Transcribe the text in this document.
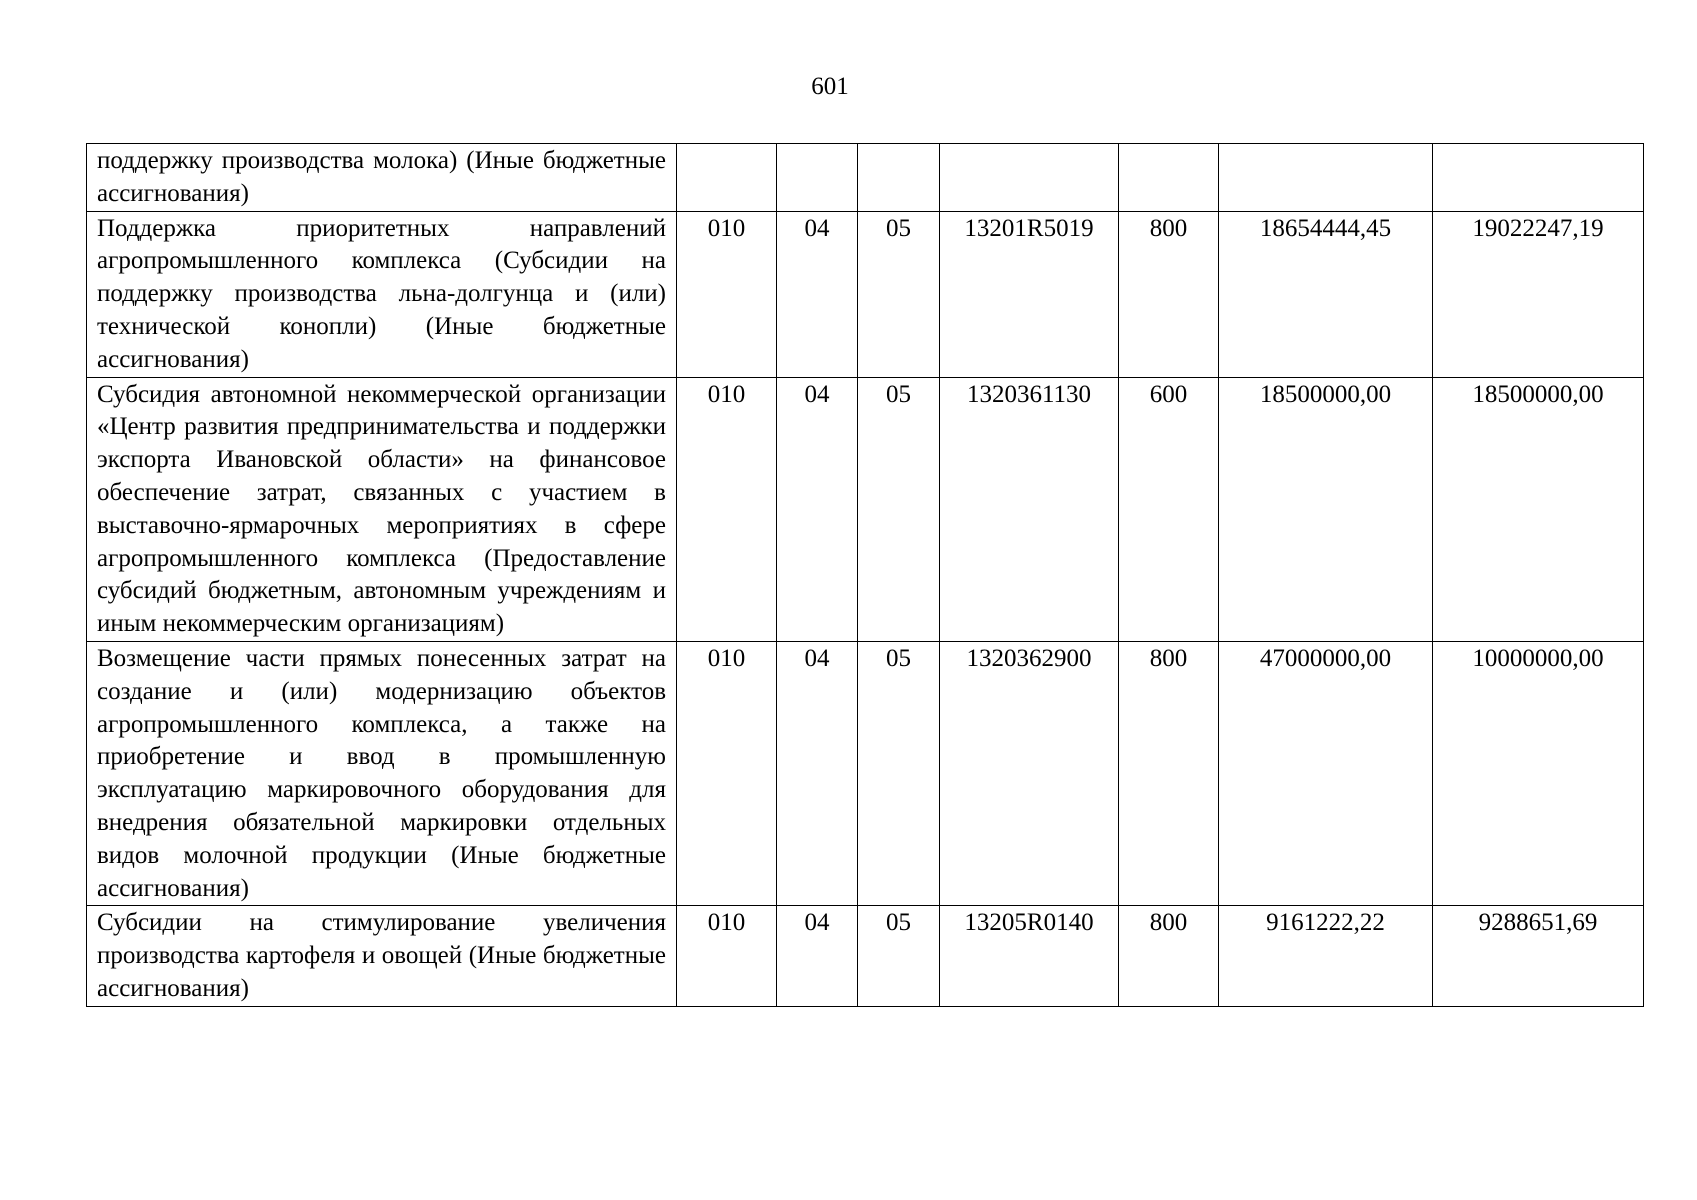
601
поддержку производства молока) (Иные бюджетные ассигнования)							
Поддержка приоритетных направлений агропромышленного комплекса (Субсидии на поддержку производства льна-долгунца и (или) технической конопли) (Иные бюджетные ассигнования)	010	04	05	13201R5019	800	18654444,45	19022247,19
Субсидия автономной некоммерческой организации «Центр развития предпринимательства и поддержки экспорта Ивановской области» на финансовое обеспечение затрат, связанных с участием в выставочно-ярмарочных мероприятиях в сфере агропромышленного комплекса (Предоставление субсидий бюджетным, автономным учреждениям и иным некоммерческим организациям)	010	04	05	1320361130	600	18500000,00	18500000,00
Возмещение части прямых понесенных затрат на создание и (или) модернизацию объектов агропромышленного комплекса, а также на приобретение и ввод в промышленную эксплуатацию маркировочного оборудования для внедрения обязательной маркировки отдельных видов молочной продукции (Иные бюджетные ассигнования)	010	04	05	1320362900	800	47000000,00	10000000,00
Субсидии на стимулирование увеличения производства картофеля и овощей (Иные бюджетные ассигнования)	010	04	05	13205R0140	800	9161222,22	9288651,69
